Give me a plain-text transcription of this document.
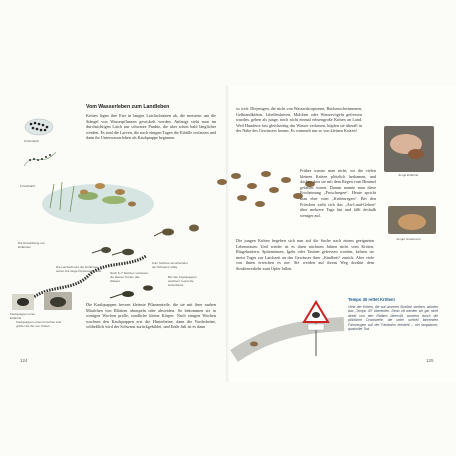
Krötenlaich
Froschlaich
Vom Wasserleben zum Landleben
Kröten legen ihre Eier in langen Laichschnüren ab, die meistens um die Stängel von Wasserpflanzen gewickelt werden. Anfangs sieht man im durchsichtigen Laich nur schwarze Punkte, die aber schon bald länglicher werden. Es sind die Larven, die nach einigen Tagen die Eihülle verlassen und dann ihr Unterwasserleben als Kaulquappe beginnen.
Die Entwicklung von Erdkröten
Die Laichschnüre der Erdkröten sehen wie lange Perlenketten aus.
Nach 6–7 Wochen verlassen die kleinen Kröten das Wasser.
Zum Schluss verschwindet der Schwanz völlig.
Bei den Kaulquappen wachsen zuerst die Hinterbeine.
Kaulquappen einer Erdkröte
Kaulquappen eines Frosches sind größer als die von Kröten.
Die Kaulquappen fressen kleinste Pflanzenteile, die sie mit ihrer rauhen Mäulchen von Blättern abraspeln oder abweiden. So bekommen sie in wenigen Wochen pralle, rundliche kleine Körper. Nach einigen Wochen wachsen den Kaulquappen erst die Hinterbeine, dann die Vorderbeine, schließlich wird der Schwanz zurückgebildet, und Ende Juli ist es dann
124
so weit: Diejenigen, die nicht von Wasserskorpionen, Rückenschwimmern, Gelbrandkäfern, Libellenlarven, Molchen oder Wasservögeln gefressen wurden, gehen als junge, noch nicht einmal erbsengroße Kröten an Land. Weil Hunderte fast gleichzeitig das Wasser verlassen, hüpfen sie überall in der Nähe des Gewässers herum. Es wimmelt nur so von kleinen Kröten!
Junge Erdkröte
Früher wusste man nicht, wo die vielen kleinen Kröten plötzlich herkamen, und dachte, dass sie mit dem Regen vom Himmel gefallen waren. Darum nannte man diese Erscheinung „Froschregen“. Heute spricht man eher vom „Krötenregen“. Bei den Fröschen zieht sich das „An-Land-Gehen“ über mehrere Tage hin und fällt deshalb weniger auf.
Junger Grasfrosch
Die jungen Kröten begeben sich nun auf die Suche nach einem geeigneten Lebensraum. Und wieder ist es ihren nächsten Jahren nicht vom Kröten, Ringelnattern, Spitzmäusen, Igeln oder Tauben gefressen worden, kehren sie meist Tages zur Laichzeit an das Gewässer ihrer „Kindheit“ zurück. Aber viele von ihnen erreichen es nie: Sie werden auf ihrem Weg dorthin dem Straßenverkehr zum Opfer fallen.
Tempo 30 rettet Kröten!
Viele der Kröten, die auf unseren Straßen sterben, würden das „Tempo 30“ überleben. Denn oft werden sie gar nicht direkt von den Rädern überrollt, sondern durch die plötzliche Druckwelle, die unter schnell fahrenden Fahrzeugen auf der Fahrbahn entsteht – ein langsamer, qualvoller Tod.
125
